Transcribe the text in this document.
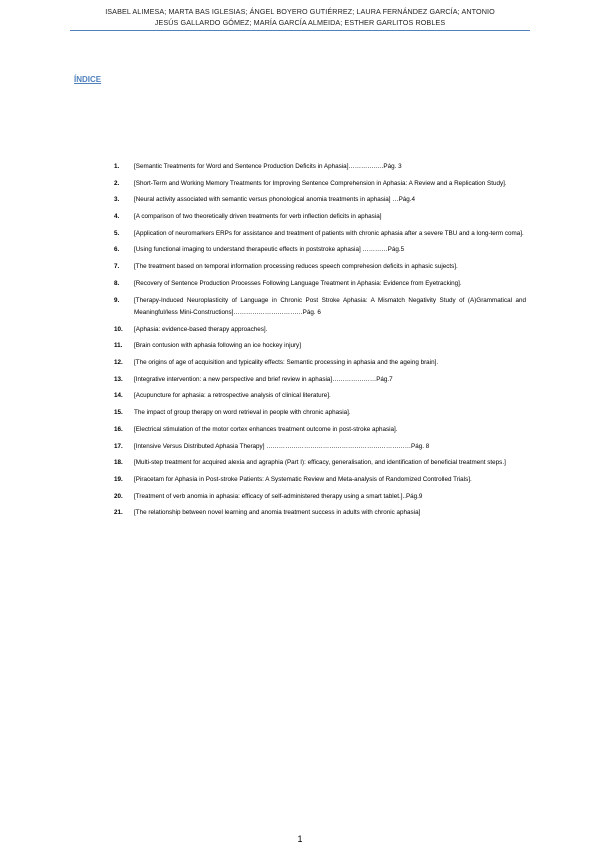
ISABEL ALIMESA; MARTA BAS IGLESIAS; ÁNGEL BOYERO GUTIÉRREZ; LAURA FERNÁNDEZ GARCÍA; ANTONIO
JESÚS GALLARDO GÓMEZ; MARÍA GARCÍA ALMEIDA; ESTHER GARLITOS ROBLES
ÍNDICE
1. [Semantic Treatments for Word and Sentence Production Deficits in Aphasia]……………..Pág. 3
2. [Short-Term and Working Memory Treatments for Improving Sentence Comprehension in Aphasia: A Review and a Replication Study].
3. [Neural activity associated with semantic versus phonological anomia treatments in aphasia] …Pág.4
4. [A comparison of two theoretically driven treatments for verb inflection deficits in aphasia]
5. [Application of neuromarkers ERPs for assistance and treatment of patients with chronic aphasia after a severe TBU and a long-term coma].
6. [Using functional imaging to understand therapeutic effects in poststroke aphasia] …………Pág.5
7. [The treatment based on temporal information processing reduces speech comprehesion deficits in aphasic sujects].
8. [Recovery of Sentence Production Processes Following Language Treatment in Aphasia: Evidence from Eyetracking].
9. [Therapy-Induced Neuroplasticity of Language in Chronic Post Stroke Aphasia: A Mismatch Negativity Study of (A)Grammatical and Meaningful/less Mini-Constructions]……………………………Pág. 6
10. [Aphasia: evidence-based therapy approaches].
11. [Brain contusion with aphasia following an ice hockey injury]
12. [The origins of age of acquisition and typicality effects: Semantic processing in aphasia and the ageing brain].
13. [Integrative intervention: a new perspective and brief review in aphasia]…………………Pág.7
14. [Acupuncture for aphasia: a retrospective analysis of clinical literature].
15. The impact of group therapy on word retrieval in people with chronic aphasia].
16. [Electrical stimulation of the motor cortex enhances treatment outcome in post-stroke aphasia].
17. [Intensive Versus Distributed Aphasia Therapy] ……………………………………………………………Pág. 8
18. [Multi-step treatment for acquired alexia and agraphia (Part I): efficacy, generalisation, and identification of beneficial treatment steps.]
19. [Piracetam for Aphasia in Post-stroke Patients: A Systematic Review and Meta-analysis of Randomized Controlled Trials].
20. [Treatment of verb anomia in aphasia: efficacy of self-administered therapy using a smart tablet.]..Pág.9
21. [The relationship between novel learning and anomia treatment success in adults with chronic aphasia]
1
